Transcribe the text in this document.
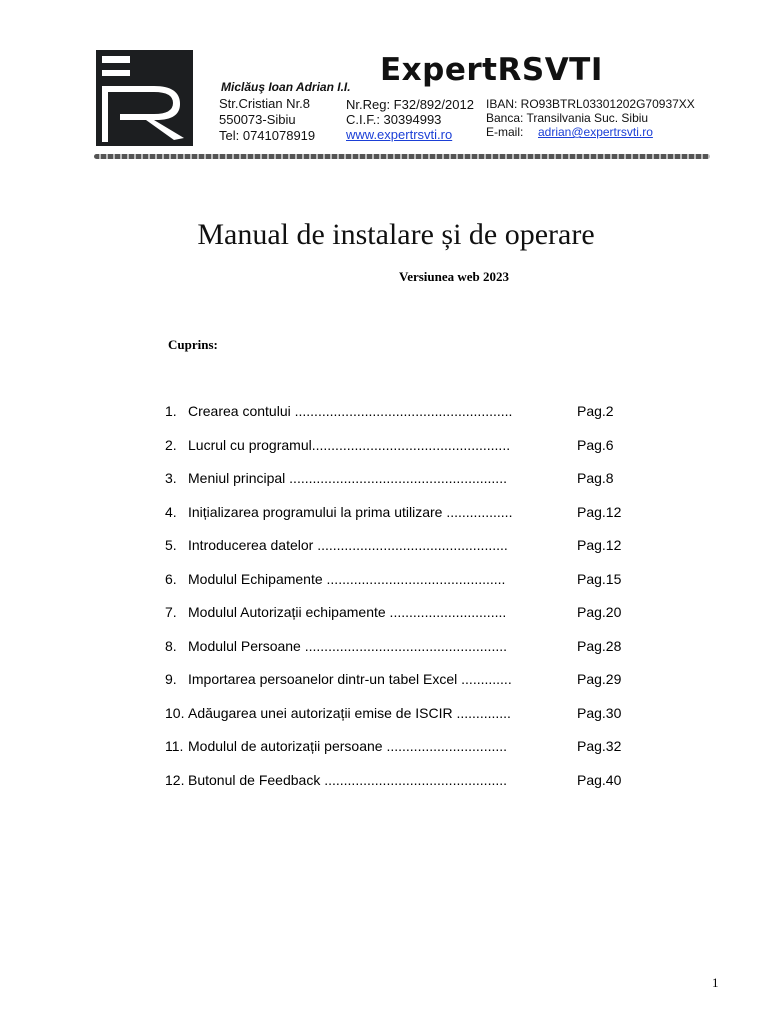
ExpertRSVTI
Miclăuş Ioan Adrian I.I.
Str.Cristian Nr.8
550073-Sibiu
Tel: 0741078919
Nr.Reg: F32/892/2012
C.I.F.: 30394993
www.expertrsvti.ro
IBAN: RO93BTRL03301202G70937XX
Banca: Transilvania Suc. Sibiu
E-mail: adrian@expertrsvti.ro
Manual de instalare și de operare
Versiunea web 2023
Cuprins:
1. Crearea contului ........................................................	Pag.2
2. Lucrul cu programul...................................................	Pag.6
3. Meniul principal ........................................................	Pag.8
4. Inițializarea programului la prima utilizare .................	Pag.12
5. Introducerea datelor .................................................	Pag.12
6. Modulul Echipamente ..............................................	Pag.15
7. Modulul Autorizații echipamente ..............................	Pag.20
8. Modulul Persoane ....................................................	Pag.28
9. Importarea persoanelor dintr-un tabel Excel .............	Pag.29
10. Adăugarea unei autorizații emise de ISCIR ..............	Pag.30
11. Modulul de autorizații persoane ...............................	Pag.32
12. Butonul de Feedback ...............................................	Pag.40
1
